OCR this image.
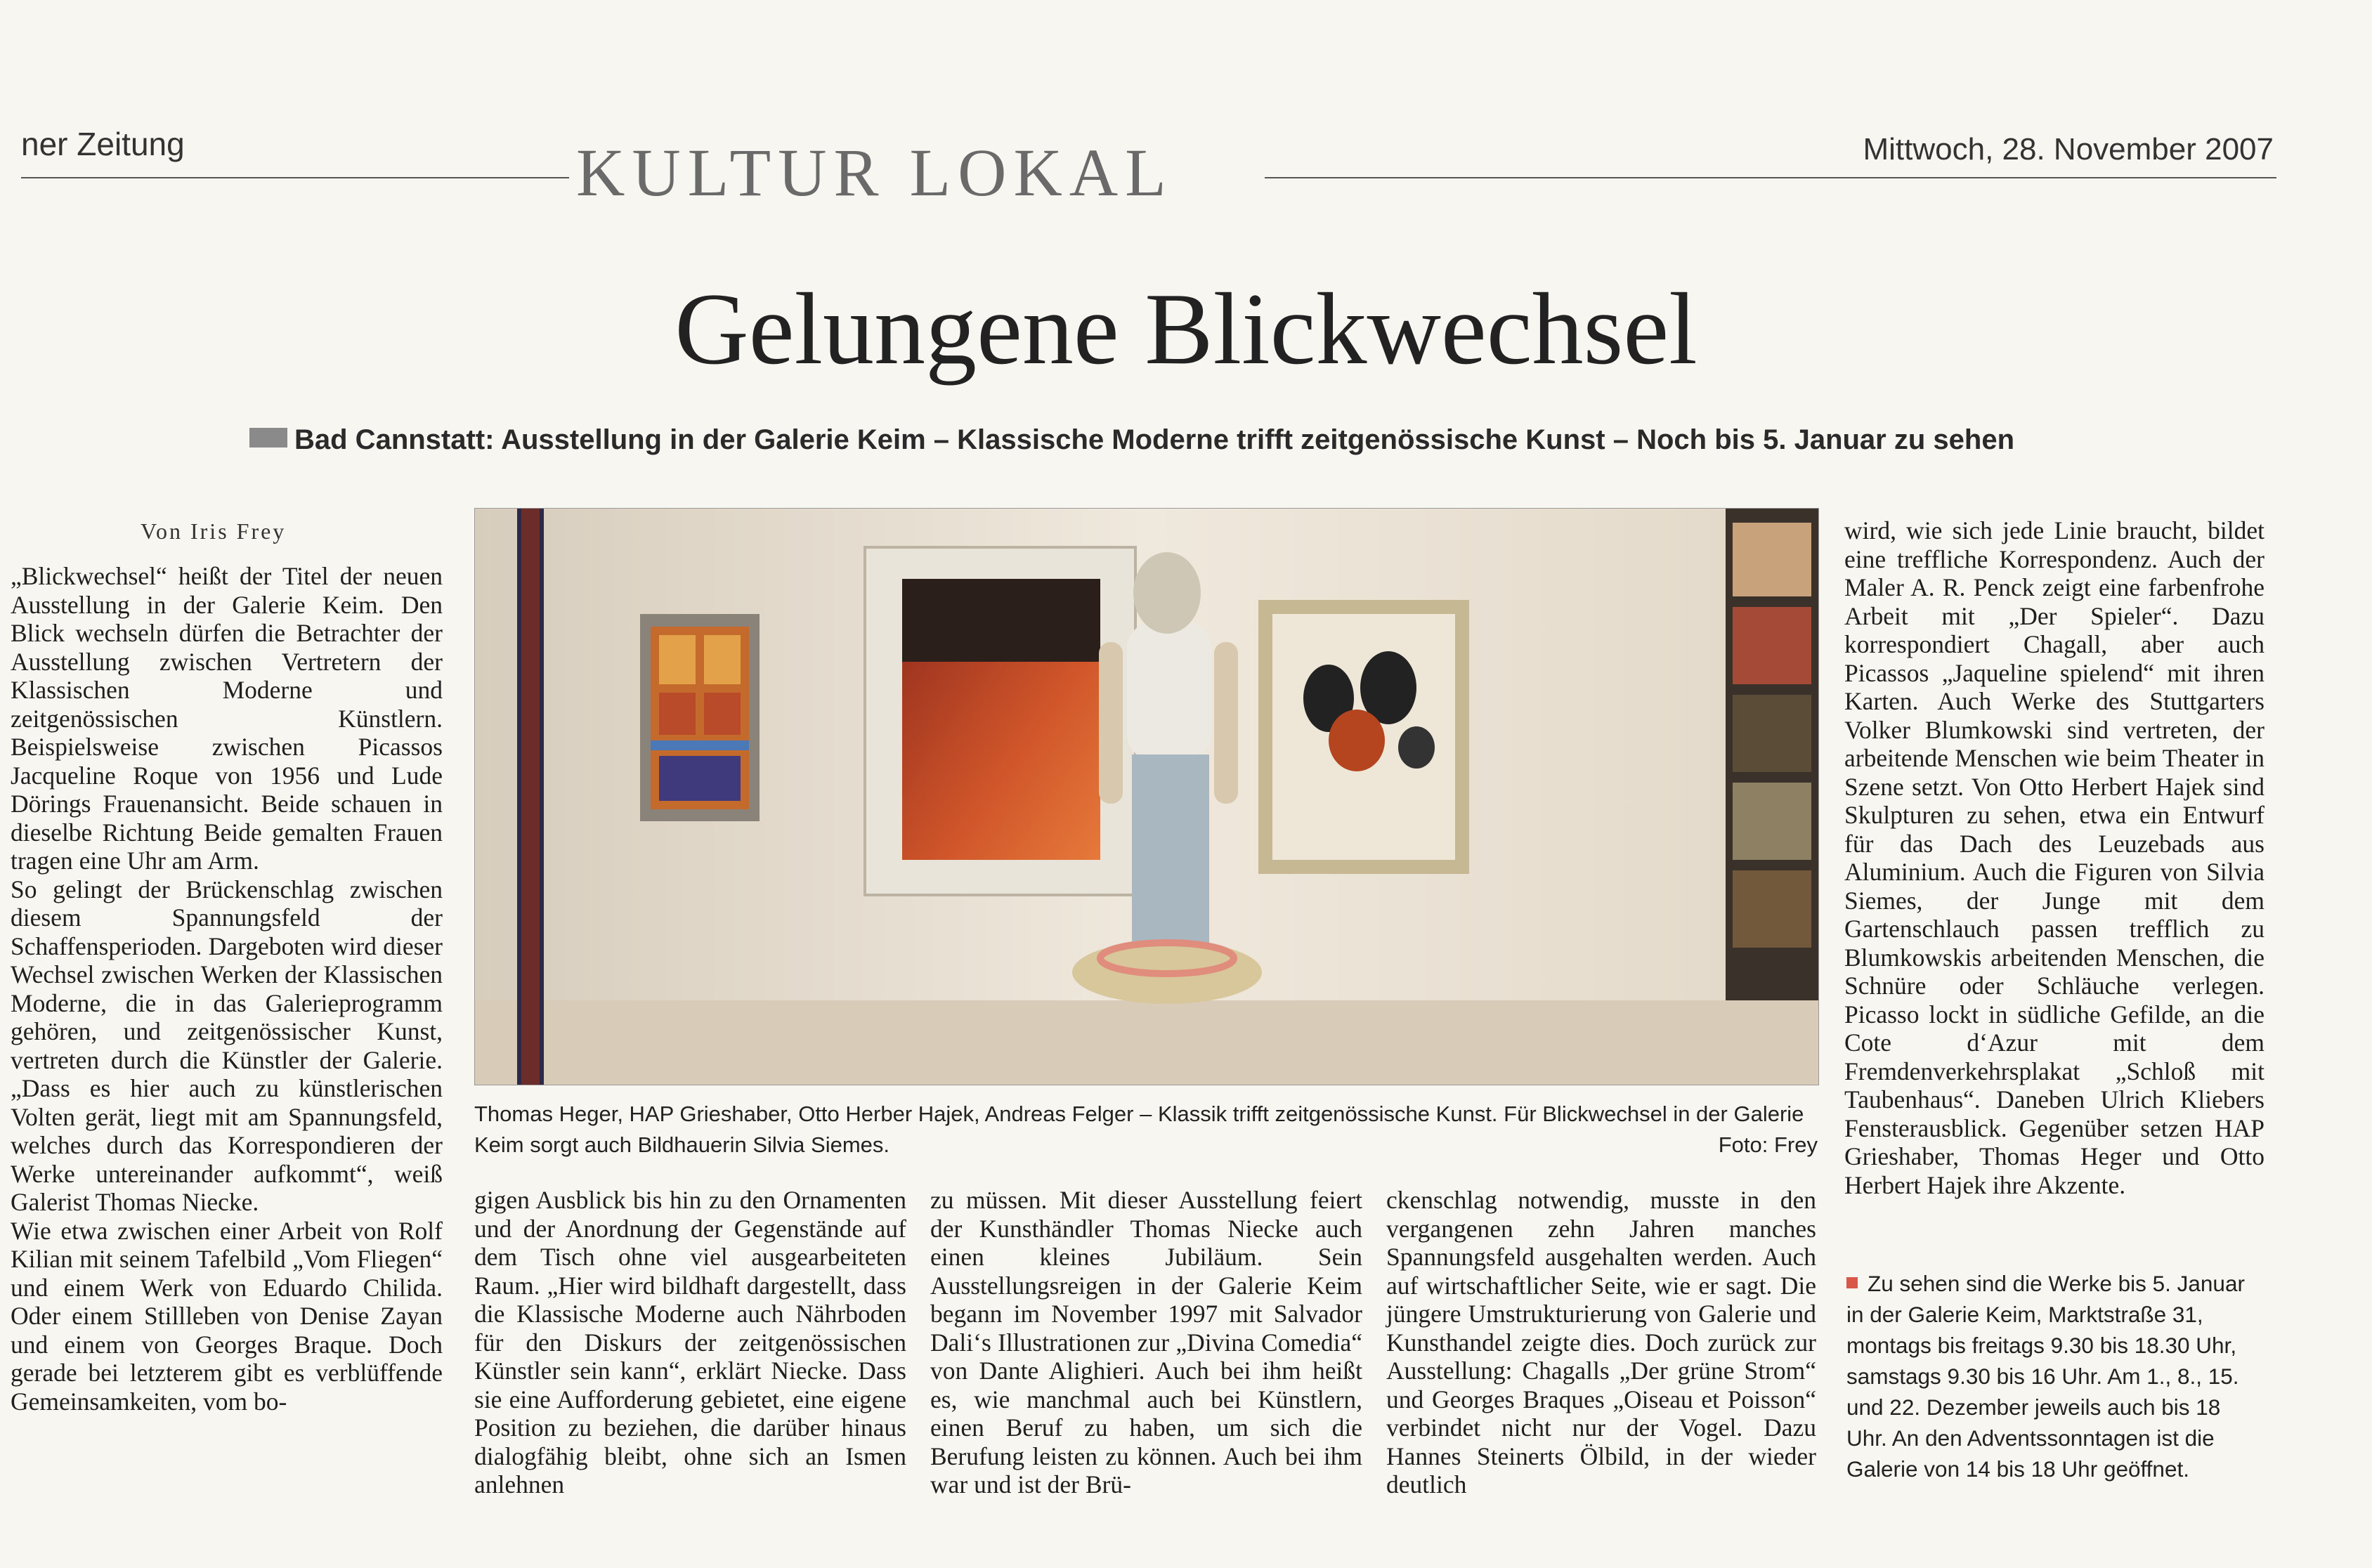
ner Zeitung	KULTUR LOKAL	Mittwoch, 28. November 2007
Gelungene Blickwechsel
Bad Cannstatt: Ausstellung in der Galerie Keim – Klassische Moderne trifft zeitgenössische Kunst – Noch bis 5. Januar zu sehen
Von Iris Frey

„Blickwechsel“ heißt der Titel der neuen Ausstellung in der Galerie Keim. Den Blick wechseln dürfen die Betrachter der Ausstellung zwischen Vertretern der Klassischen Moderne und zeitgenössischen Künstlern. Beispielsweise zwischen Picassos Jacqueline Roque von 1956 und Lude Dörings Frauenansicht. Beide schauen in dieselbe Richtung Beide gemalten Frauen tragen eine Uhr am Arm.

So gelingt der Brückenschlag zwischen diesem Spannungsfeld der Schaffensperioden. Dargeboten wird dieser Wechsel zwischen Werken der Klassischen Moderne, die in das Galerieprogramm gehören, und zeitgenössischer Kunst, vertreten durch die Künstler der Galerie. „Dass es hier auch zu künstlerischen Volten gerät, liegt mit am Spannungsfeld, welches durch das Korrespondieren der Werke untereinander aufkommt“, weiß Galerist Thomas Niecke.

Wie etwa zwischen einer Arbeit von Rolf Kilian mit seinem Tafelbild „Vom Fliegen“ und einem Werk von Eduardo Chilida. Oder einem Stillleben von Denise Zayan und einem von Georges Braque. Doch gerade bei letzterem gibt es verblüffende Gemeinsamkeiten, vom bo-

Thomas Heger, HAP Grieshaber, Otto Herber Hajek, Andreas Felger – Klassik trifft zeitgenössische Kunst. Für Blickwechsel in der Galerie Keim sorgt auch Bildhauerin Silvia Siemes.	Foto: Frey

gigen Ausblick bis hin zu den Ornamenten und der Anordnung der Gegenstände auf dem Tisch ohne viel ausgearbeiteten Raum. „Hier wird bildhaft dargestellt, dass die Klassische Moderne auch Nährboden für den Diskurs der zeitgenössischen Künstler sein kann“, erklärt Niecke. Dass sie eine Aufforderung gebietet, eine eigene Position zu beziehen, die darüber hinaus dialogfähig bleibt, ohne sich an Ismen anlehnen

zu müssen. Mit dieser Ausstellung feiert der Kunsthändler Thomas Niecke auch einen kleines Jubiläum. Sein Ausstellungsreigen in der Galerie Keim begann im November 1997 mit Salvador Dali‘s Illustrationen zur „Divina Comedia“ von Dante Alighieri. Auch bei ihm heißt es, wie manchmal auch bei Künstlern, einen Beruf zu haben, um sich die Berufung leisten zu können. Auch bei ihm war und ist der Brü-

ckenschlag notwendig, musste in den vergangenen zehn Jahren manches Spannungsfeld ausgehalten werden. Auch auf wirtschaftlicher Seite, wie er sagt. Die jüngere Umstrukturierung von Galerie und Kunsthandel zeigte dies. Doch zurück zur Ausstellung: Chagalls „Der grüne Strom“ und Georges Braques „Oiseau et Poisson“ verbindet nicht nur der Vogel. Dazu Hannes Steinerts Ölbild, in der wieder deutlich

wird, wie sich jede Linie braucht, bildet eine treffliche Korrespondenz. Auch der Maler A. R. Penck zeigt eine farbenfrohe Arbeit mit „Der Spieler“. Dazu korrespondiert Chagall, aber auch Picassos „Jaqueline spielend“ mit ihren Karten. Auch Werke des Stuttgarters Volker Blumkowski sind vertreten, der arbeitende Menschen wie beim Theater in Szene setzt. Von Otto Herbert Hajek sind Skulpturen zu sehen, etwa ein Entwurf für das Dach des Leuzebads aus Aluminium. Auch die Figuren von Silvia Siemes, der Junge mit dem Gartenschlauch passen trefflich zu Blumkowskis arbeitenden Menschen, die Schnüre oder Schläuche verlegen. Picasso lockt in südliche Gefilde, an die Cote d‘Azur mit dem Fremdenverkehrsplakat „Schloß mit Taubenhaus“. Daneben Ulrich Kliebers Fensterausblick. Gegenüber setzen HAP Grieshaber, Thomas Heger und Otto Herbert Hajek ihre Akzente.

Zu sehen sind die Werke bis 5. Januar in der Galerie Keim, Marktstraße 31, montags bis freitags 9.30 bis 18.30 Uhr, samstags 9.30 bis 16 Uhr. Am 1., 8., 15. und 22. Dezember jeweils auch bis 18 Uhr. An den Adventssonntagen ist die Galerie von 14 bis 18 Uhr geöffnet.
